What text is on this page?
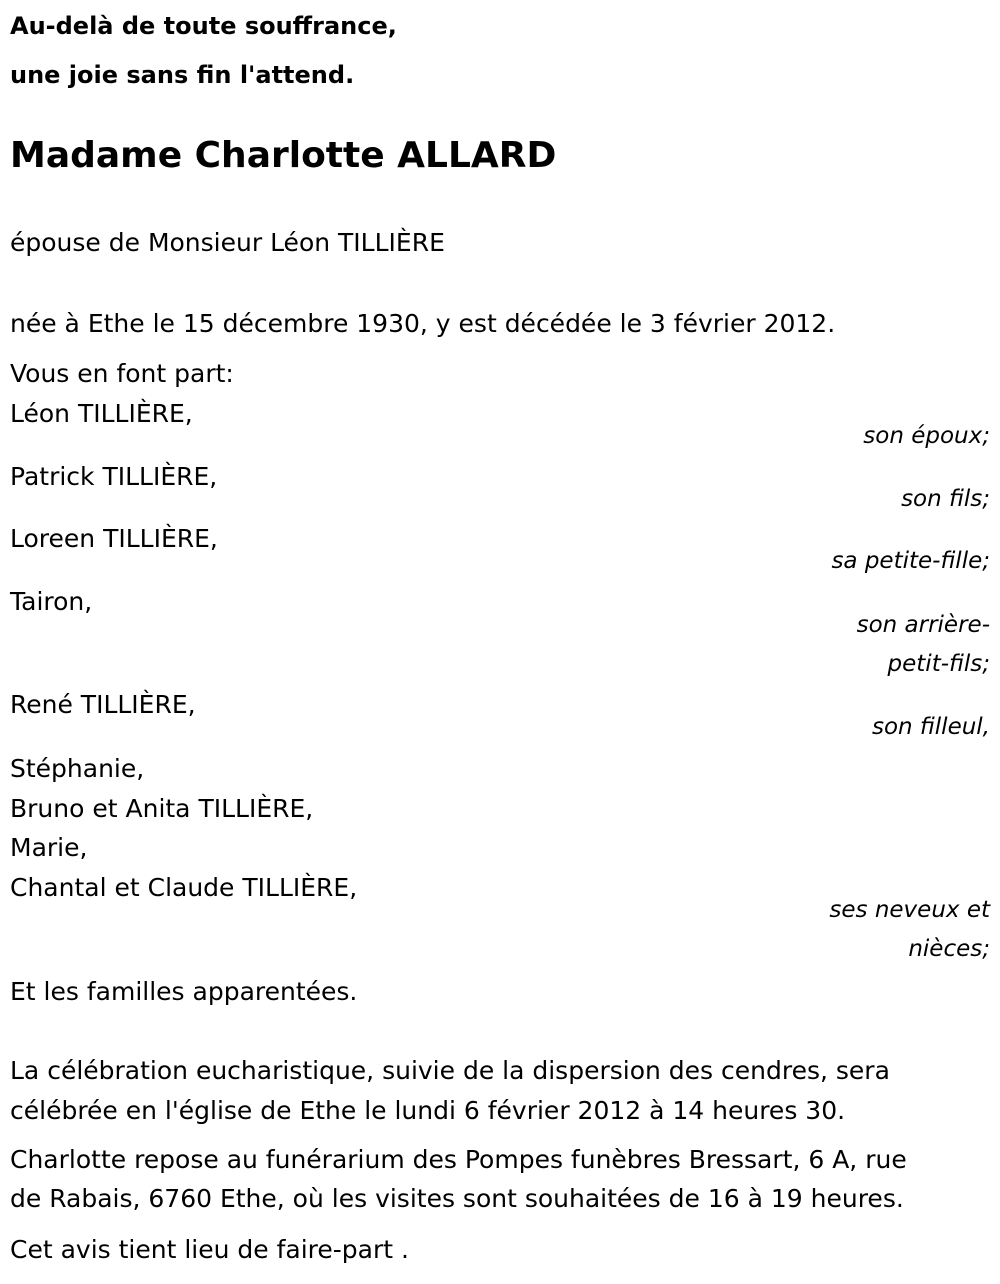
Au-delà de toute souffrance,

une joie sans fin l'attend.

Madame Charlotte ALLARD

épouse de Monsieur Léon TILLIÈRE

née à Ethe le 15 décembre 1930, y est décédée le 3 février 2012.

Vous en font part:

Léon TILLIÈRE,

son époux;

Patrick TILLIÈRE,

son fils;

Loreen TILLIÈRE,

sa petite-fille;

Tairon,

son arrière-

petit-fils;

René TILLIÈRE,

son filleul,

Stéphanie,

Bruno et Anita TILLIÈRE,

Marie,

Chantal et Claude TILLIÈRE,

ses neveux et

nièces;

Et les familles apparentées.

La célébration eucharistique, suivie de la dispersion des cendres, sera

célébrée en l'église de Ethe le lundi 6 février 2012 à 14 heures 30.

Charlotte repose au funérarium des Pompes funèbres Bressart, 6 A, rue

de Rabais, 6760 Ethe, où les visites sont souhaitées de 16 à 19 heures.

Cet avis tient lieu de faire-part .
